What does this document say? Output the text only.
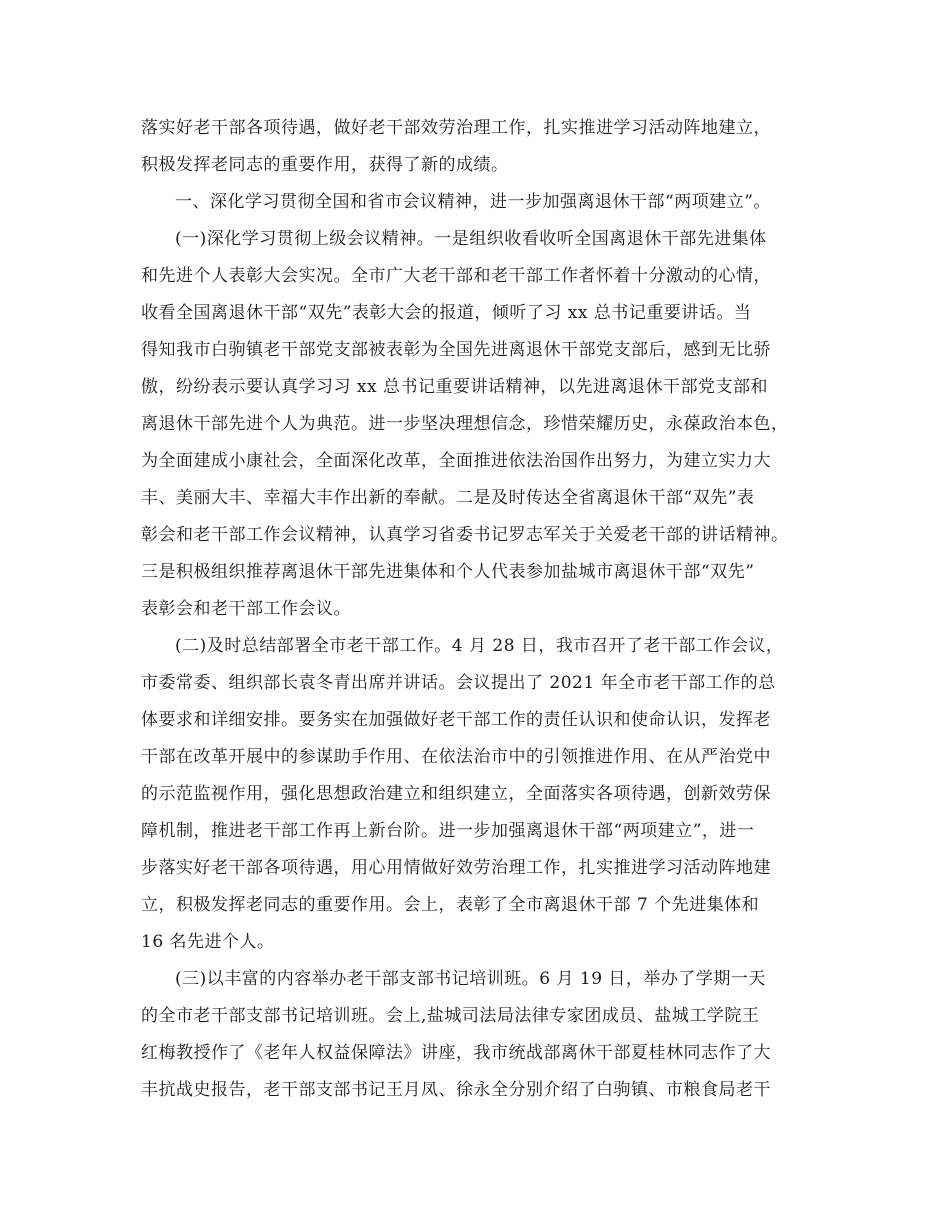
落实好老干部各项待遇，做好老干部效劳治理工作，扎实推进学习活动阵地建立，
积极发挥老同志的重要作用，获得了新的成绩。
一、深化学习贯彻全国和省市会议精神，进一步加强离退休干部“两项建立”。
(一)深化学习贯彻上级会议精神。一是组织收看收听全国离退休干部先进集体
和先进个人表彰大会实况。全市广大老干部和老干部工作者怀着十分激动的心情，
收看全国离退休干部“双先”表彰大会的报道，倾听了习 xx 总书记重要讲话。当
得知我市白驹镇老干部党支部被表彰为全国先进离退休干部党支部后，感到无比骄
傲，纷纷表示要认真学习习 xx 总书记重要讲话精神，以先进离退休干部党支部和
离退休干部先进个人为典范。进一步坚决理想信念，珍惜荣耀历史，永葆政治本色，
为全面建成小康社会，全面深化改革，全面推进依法治国作出努力，为建立实力大
丰、美丽大丰、幸福大丰作出新的奉献。二是及时传达全省离退休干部“双先”表
彰会和老干部工作会议精神，认真学习省委书记罗志军关于关爱老干部的讲话精神。
三是积极组织推荐离退休干部先进集体和个人代表参加盐城市离退休干部“双先”
表彰会和老干部工作会议。
(二)及时总结部署全市老干部工作。4 月 28 日，我市召开了老干部工作会议，
市委常委、组织部长袁冬青出席并讲话。会议提出了 2021 年全市老干部工作的总
体要求和详细安排。要务实在加强做好老干部工作的责任认识和使命认识，发挥老
干部在改革开展中的参谋助手作用、在依法治市中的引领推进作用、在从严治党中
的示范监视作用，强化思想政治建立和组织建立，全面落实各项待遇，创新效劳保
障机制，推进老干部工作再上新台阶。进一步加强离退休干部“两项建立”，进一
步落实好老干部各项待遇，用心用情做好效劳治理工作，扎实推进学习活动阵地建
立，积极发挥老同志的重要作用。会上，表彰了全市离退休干部 7 个先进集体和
16 名先进个人。
(三)以丰富的内容举办老干部支部书记培训班。6 月 19 日，举办了学期一天
的全市老干部支部书记培训班。会上,盐城司法局法律专家团成员、盐城工学院王
红梅教授作了《老年人权益保障法》讲座，我市统战部离休干部夏桂林同志作了大
丰抗战史报告，老干部支部书记王月凤、徐永全分别介绍了白驹镇、市粮食局老干
